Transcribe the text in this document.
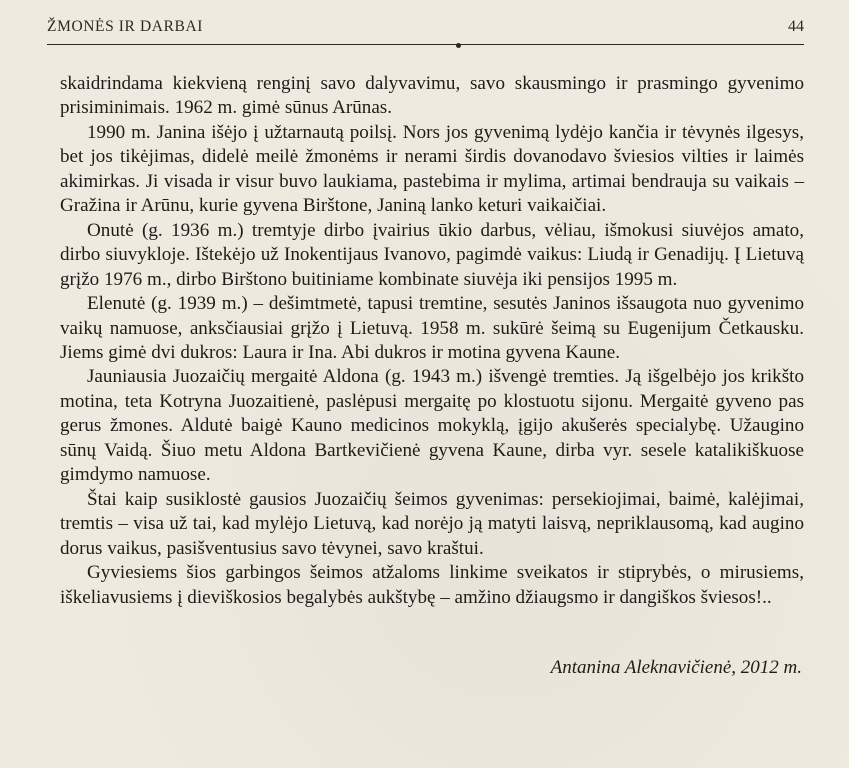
ŽMONĖS IR DARBAI	44

skaidrindama kiekvieną renginį savo dalyvavimu, savo skausmingo ir prasmingo gyvenimo prisiminimais. 1962 m. gimė sūnus Arūnas.

1990 m. Janina išėjo į užtarnautą poilsį. Nors jos gyvenimą lydėjo kančia ir tėvynės ilgesys, bet jos tikėjimas, didelė meilė žmonėms ir nerami širdis dovanodavo šviesios vilties ir laimės akimirkas. Ji visada ir visur buvo laukiama, pastebima ir mylima, artimai bendrauja su vaikais – Gražina ir Arūnu, kurie gyvena Birštone, Janiną lanko keturi vaikaičiai.

Onutė (g. 1936 m.) tremtyje dirbo įvairius ūkio darbus, vėliau, išmokusi siuvėjos amato, dirbo siuvykloje. Ištekėjo už Inokentijaus Ivanovo, pagimdė vaikus: Liudą ir Genadijų. Į Lietuvą grįžo 1976 m., dirbo Birštono buitiniame kombinate siuvėja iki pensijos 1995 m.

Elenutė (g. 1939 m.) – dešimtmetė, tapusi tremtine, sesutės Janinos išsaugota nuo gyvenimo vaikų namuose, anksčiausiai grįžo į Lietuvą. 1958 m. sukūrė šeimą su Eugenijum Četkausku. Jiems gimė dvi dukros: Laura ir Ina. Abi dukros ir motina gyvena Kaune.

Jauniausia Juozaičių mergaitė Aldona (g. 1943 m.) išvengė tremties. Ją išgelbėjo jos krikšto motina, teta Kotryna Juozaitienė, paslėpusi mergaitę po klostuotu sijonu. Mergaitė gyveno pas gerus žmones. Aldutė baigė Kauno medicinos mokyklą, įgijo akušerės specialybę. Užaugino sūnų Vaidą. Šiuo metu Aldona Bartkevičienė gyvena Kaune, dirba vyr. sesele katalikiškuose gimdymo namuose.

Štai kaip susiklostė gausios Juozaičių šeimos gyvenimas: persekiojimai, baimė, kalėjimai, tremtis – visa už tai, kad mylėjo Lietuvą, kad norėjo ją matyti laisvą, nepriklausomą, kad augino dorus vaikus, pasišventusius savo tėvynei, savo kraštui.

Gyviesiems šios garbingos šeimos atžaloms linkime sveikatos ir stiprybės, o mirusiems, iškeliavusiems į dieviškosios begalybės aukštybę – amžino džiaugsmo ir dangiškos šviesos!..

Antanina Aleknavičienė, 2012 m.
